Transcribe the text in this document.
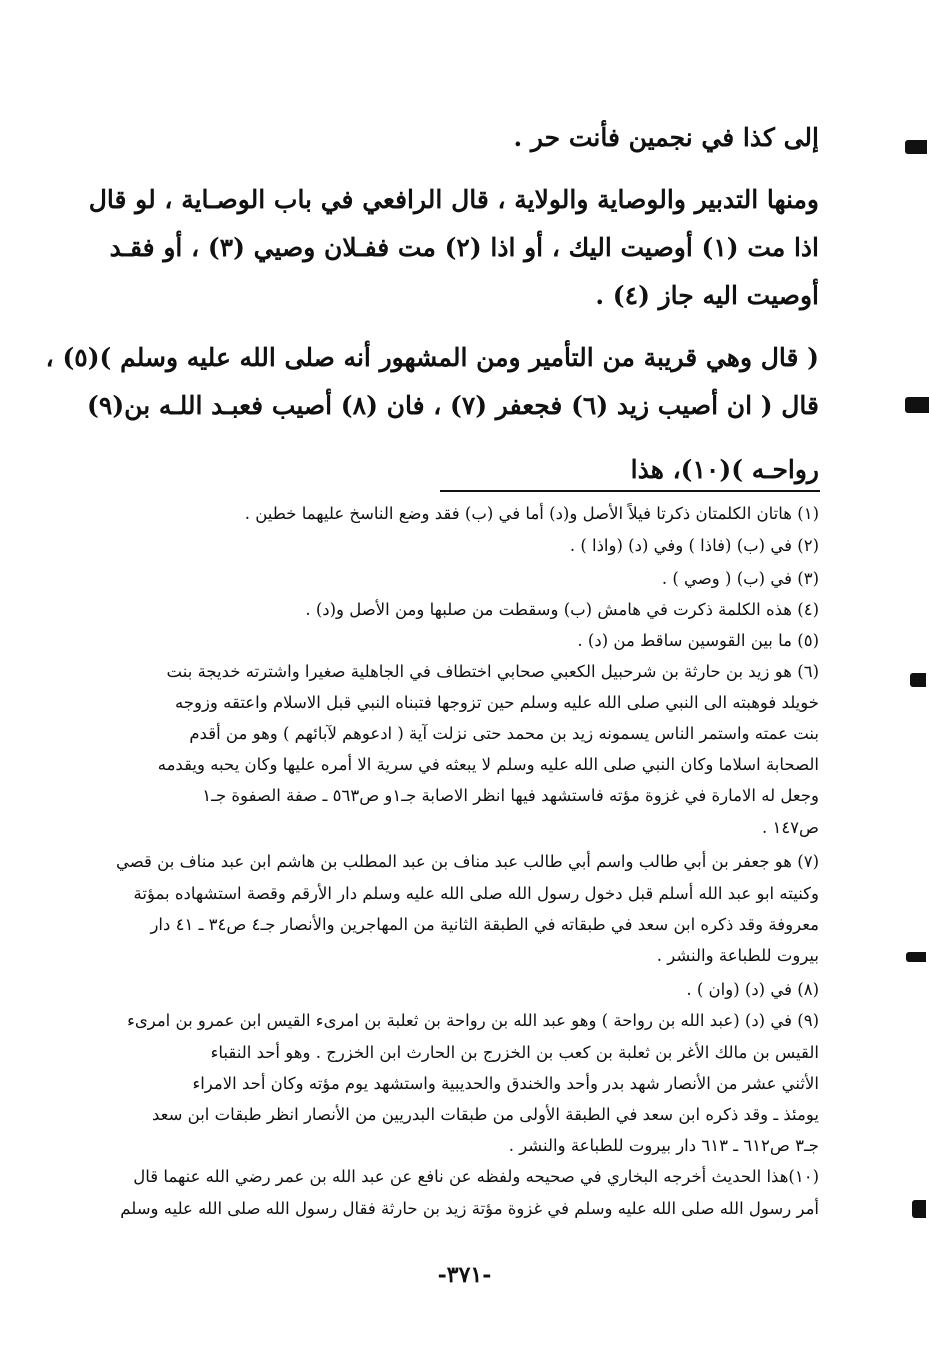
إلى كذا في نجمين فأنت حر .
ومنها التدبير والوصاية والولاية ، قال الرافعي في باب الوصـاية ، لو قال
اذا مت (١) أوصيت اليك ، أو اذا (٢) مت ففـلان وصيي (٣) ، أو فقـد
أوصيت اليه جاز (٤) .
( قال وهي قريبة من التأمير ومن المشهور أنه صلى الله عليه وسلم )(٥) ،
قال ( ان أصيب زيد (٦) فجعفر (٧) ، فان (٨) أصيب فعبـد اللـه بن(٩)
رواحـه )(١٠)، هذا
(١) هاتان الكلمتان ذكرتا فيلاً الأصل و(د) أما في (ب) فقد وضع الناسخ عليهما خطين .
(٢) في (ب) (فاذا ) وفي (د) (واذا ) .
(٣) في (ب) ( وصي ) .
(٤) هذه الكلمة ذكرت في هامش (ب) وسقطت من صلبها ومن الأصل و(د) .
(٥) ما بين القوسين ساقط من (د) .
(٦) هو زيد بن حارثة بن شرحبيل الكعبي صحابي اختطاف في الجاهلية صغيرا واشترته خديجة بنت
خويلد فوهبته الى النبي صلى الله عليه وسلم حين تزوجها فتبناه النبي قبل الاسلام واعتقه وزوجه
بنت عمته واستمر الناس يسمونه زيد بن محمد حتى نزلت آية ( ادعوهم لآبائهم ) وهو من أقدم
الصحابة اسلاما وكان النبي صلى الله عليه وسلم لا يبعثه في سرية الا أمره عليها وكان يحبه ويقدمه
وجعل له الامارة في غزوة مؤته فاستشهد فيها انظر الاصابة جـ١و ص٥٦٣ ـ صفة الصفوة جـ١
ص١٤٧ .
(٧) هو جعفر بن أبي طالب واسم أبي طالب عبد مناف بن عبد المطلب بن هاشم ابن عبد مناف بن قصي
وكنيته ابو عبد الله أسلم قبل دخول رسول الله صلى الله عليه وسلم دار الأرقم وقصة استشهاده بمؤتة
معروفة وقد ذكره ابن سعد في طبقاته في الطبقة الثانية من المهاجرين والأنصار جـ٤ ص٣٤ ـ ٤١ دار
بيروت للطباعة والنشر .
(٨) في (د) (وان ) .
(٩) في (د) (عبد الله بن رواحة ) وهو عبد الله بن رواحة بن ثعلبة بن امرىء القيس ابن عمرو بن امرىء
القيس بن مالك الأغر بن ثعلبة بن كعب بن الخزرج بن الحارث ابن الخزرج . وهو أحد النقباء
الأثني عشر من الأنصار شهد بدر وأحد والخندق والحديبية واستشهد يوم مؤته وكان أحد الامراء
يومئذ ـ وقد ذكره ابن سعد في الطبقة الأولى من طبقات البدريين من الأنصار انظر طبقات ابن سعد
جـ٣ ص٦١٢ ـ ٦١٣ دار بيروت للطباعة والنشر .
(١٠)هذا الحديث أخرجه البخاري في صحيحه ولفظه عن نافع عن عبد الله بن عمر رضي الله عنهما قال
أمر رسول الله صلى الله عليه وسلم في غزوة مؤتة زيد بن حارثة فقال رسول الله صلى الله عليه وسلم
-٣٧١-
